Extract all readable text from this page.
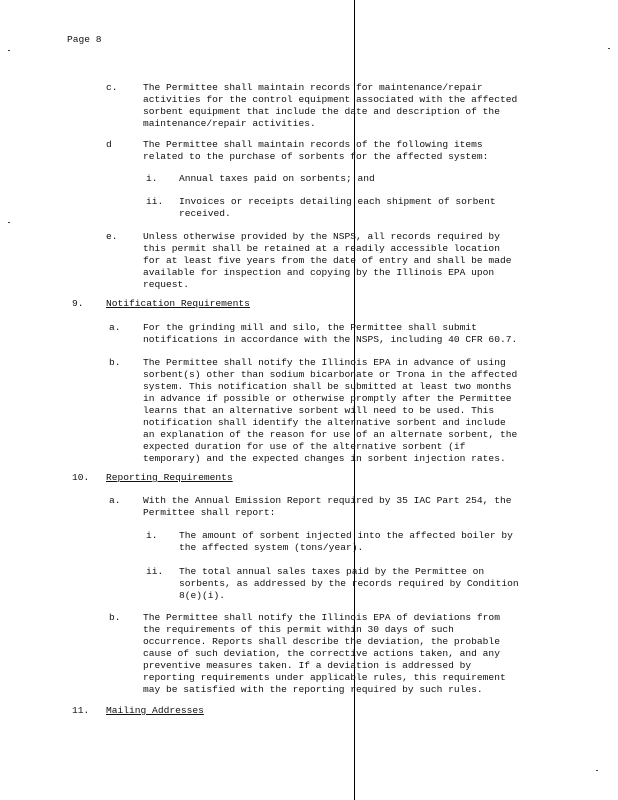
Page 8
c.	The Permittee shall maintain records for maintenance/repair
activities for the control equipment associated with the affected
sorbent equipment that include the date and description of the
maintenance/repair activities.
d	The Permittee shall maintain records of the following items
related to the purchase of sorbents for the affected system:
i. Annual taxes paid on sorbents; and
ii. Invoices or receipts detailing each shipment of sorbent
received.
e.	Unless otherwise provided by the NSPS, all records required by
this permit shall be retained at a readily accessible location
for at least five years from the date of entry and shall be made
available for inspection and copying by the Illinois EPA upon
request.
9. Notification Requirements
a. For the grinding mill and silo, the Permittee shall submit
notifications in accordance with the NSPS, including 40 CFR 60.7.
b. The Permittee shall notify the Illinois EPA in advance of using
sorbent(s) other than sodium bicarbonate or Trona in the affected
system. This notification shall be submitted at least two months
in advance if possible or otherwise promptly after the Permittee
learns that an alternative sorbent will need to be used. This
notification shall identify the alternative sorbent and include
an explanation of the reason for use of an alternate sorbent, the
expected duration for use of the alternative sorbent (if
temporary) and the expected changes in sorbent injection rates.
10. Reporting Requirements
a. With the Annual Emission Report required by 35 IAC Part 254, the
Permittee shall report:
i. The amount of sorbent injected into the affected boiler by
the affected system (tons/year).
ii. The total annual sales taxes paid by the Permittee on
sorbents, as addressed by the records required by Condition
8(e)(i).
b. The Permittee shall notify the Illinois EPA of deviations from
the requirements of this permit within 30 days of such
occurrence. Reports shall describe the deviation, the probable
cause of such deviation, the corrective actions taken, and any
preventive measures taken. If a deviation is addressed by
reporting requirements under applicable rules, this requirement
may be satisfied with the reporting required by such rules.
11. Mailing Addresses
